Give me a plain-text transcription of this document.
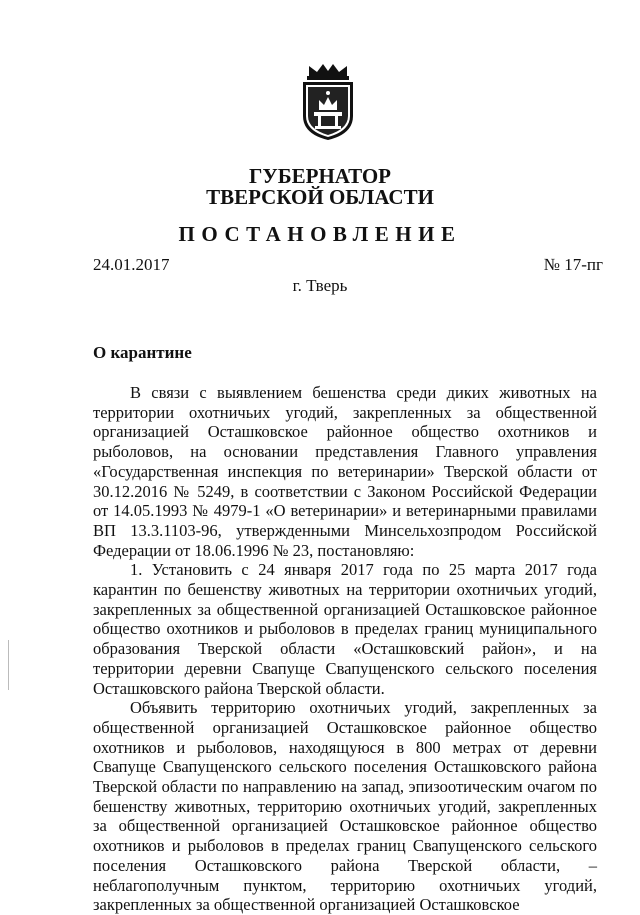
ГУБЕРНАТОР
ТВЕРСКОЙ ОБЛАСТИ
ПОСТАНОВЛЕНИЕ
24.01.2017	№ 17-пг
г. Тверь
О карантине

В связи с выявлением бешенства среди диких животных на территории охотничьих угодий, закрепленных за общественной организацией Осташковское районное общество охотников и рыболовов, на основании представления Главного управления «Государственная инспекция по ветеринарии» Тверской области от 30.12.2016 № 5249, в соответствии с Законом Российской Федерации от 14.05.1993 № 4979-1 «О ветеринарии» и ветеринарными правилами ВП 13.3.1103-96, утвержденными Минсельхозпродом Российской Федерации от 18.06.1996 № 23, постановляю:

1. Установить с 24 января 2017 года по 25 марта 2017 года карантин по бешенству животных на территории охотничьих угодий, закрепленных за общественной организацией Осташковское районное общество охотников и рыболовов в пределах границ муниципального образования Тверской области «Осташковский район», и на территории деревни Свапуще Свапущенского сельского поселения Осташковского района Тверской области.

Объявить территорию охотничьих угодий, закрепленных за общественной организацией Осташковское районное общество охотников и рыболовов, находящуюся в 800 метрах от деревни Свапуще Свапущенского сельского поселения Осташковского района Тверской области по направлению на запад, эпизоотическим очагом по бешенству животных, территорию охотничьих угодий, закрепленных за общественной организацией Осташковское районное общество охотников и рыболовов в пределах границ Свапущенского сельского поселения Осташковского района Тверской области, – неблагополучным пунктом, территорию охотничьих угодий, закрепленных за общественной организацией Осташковское
